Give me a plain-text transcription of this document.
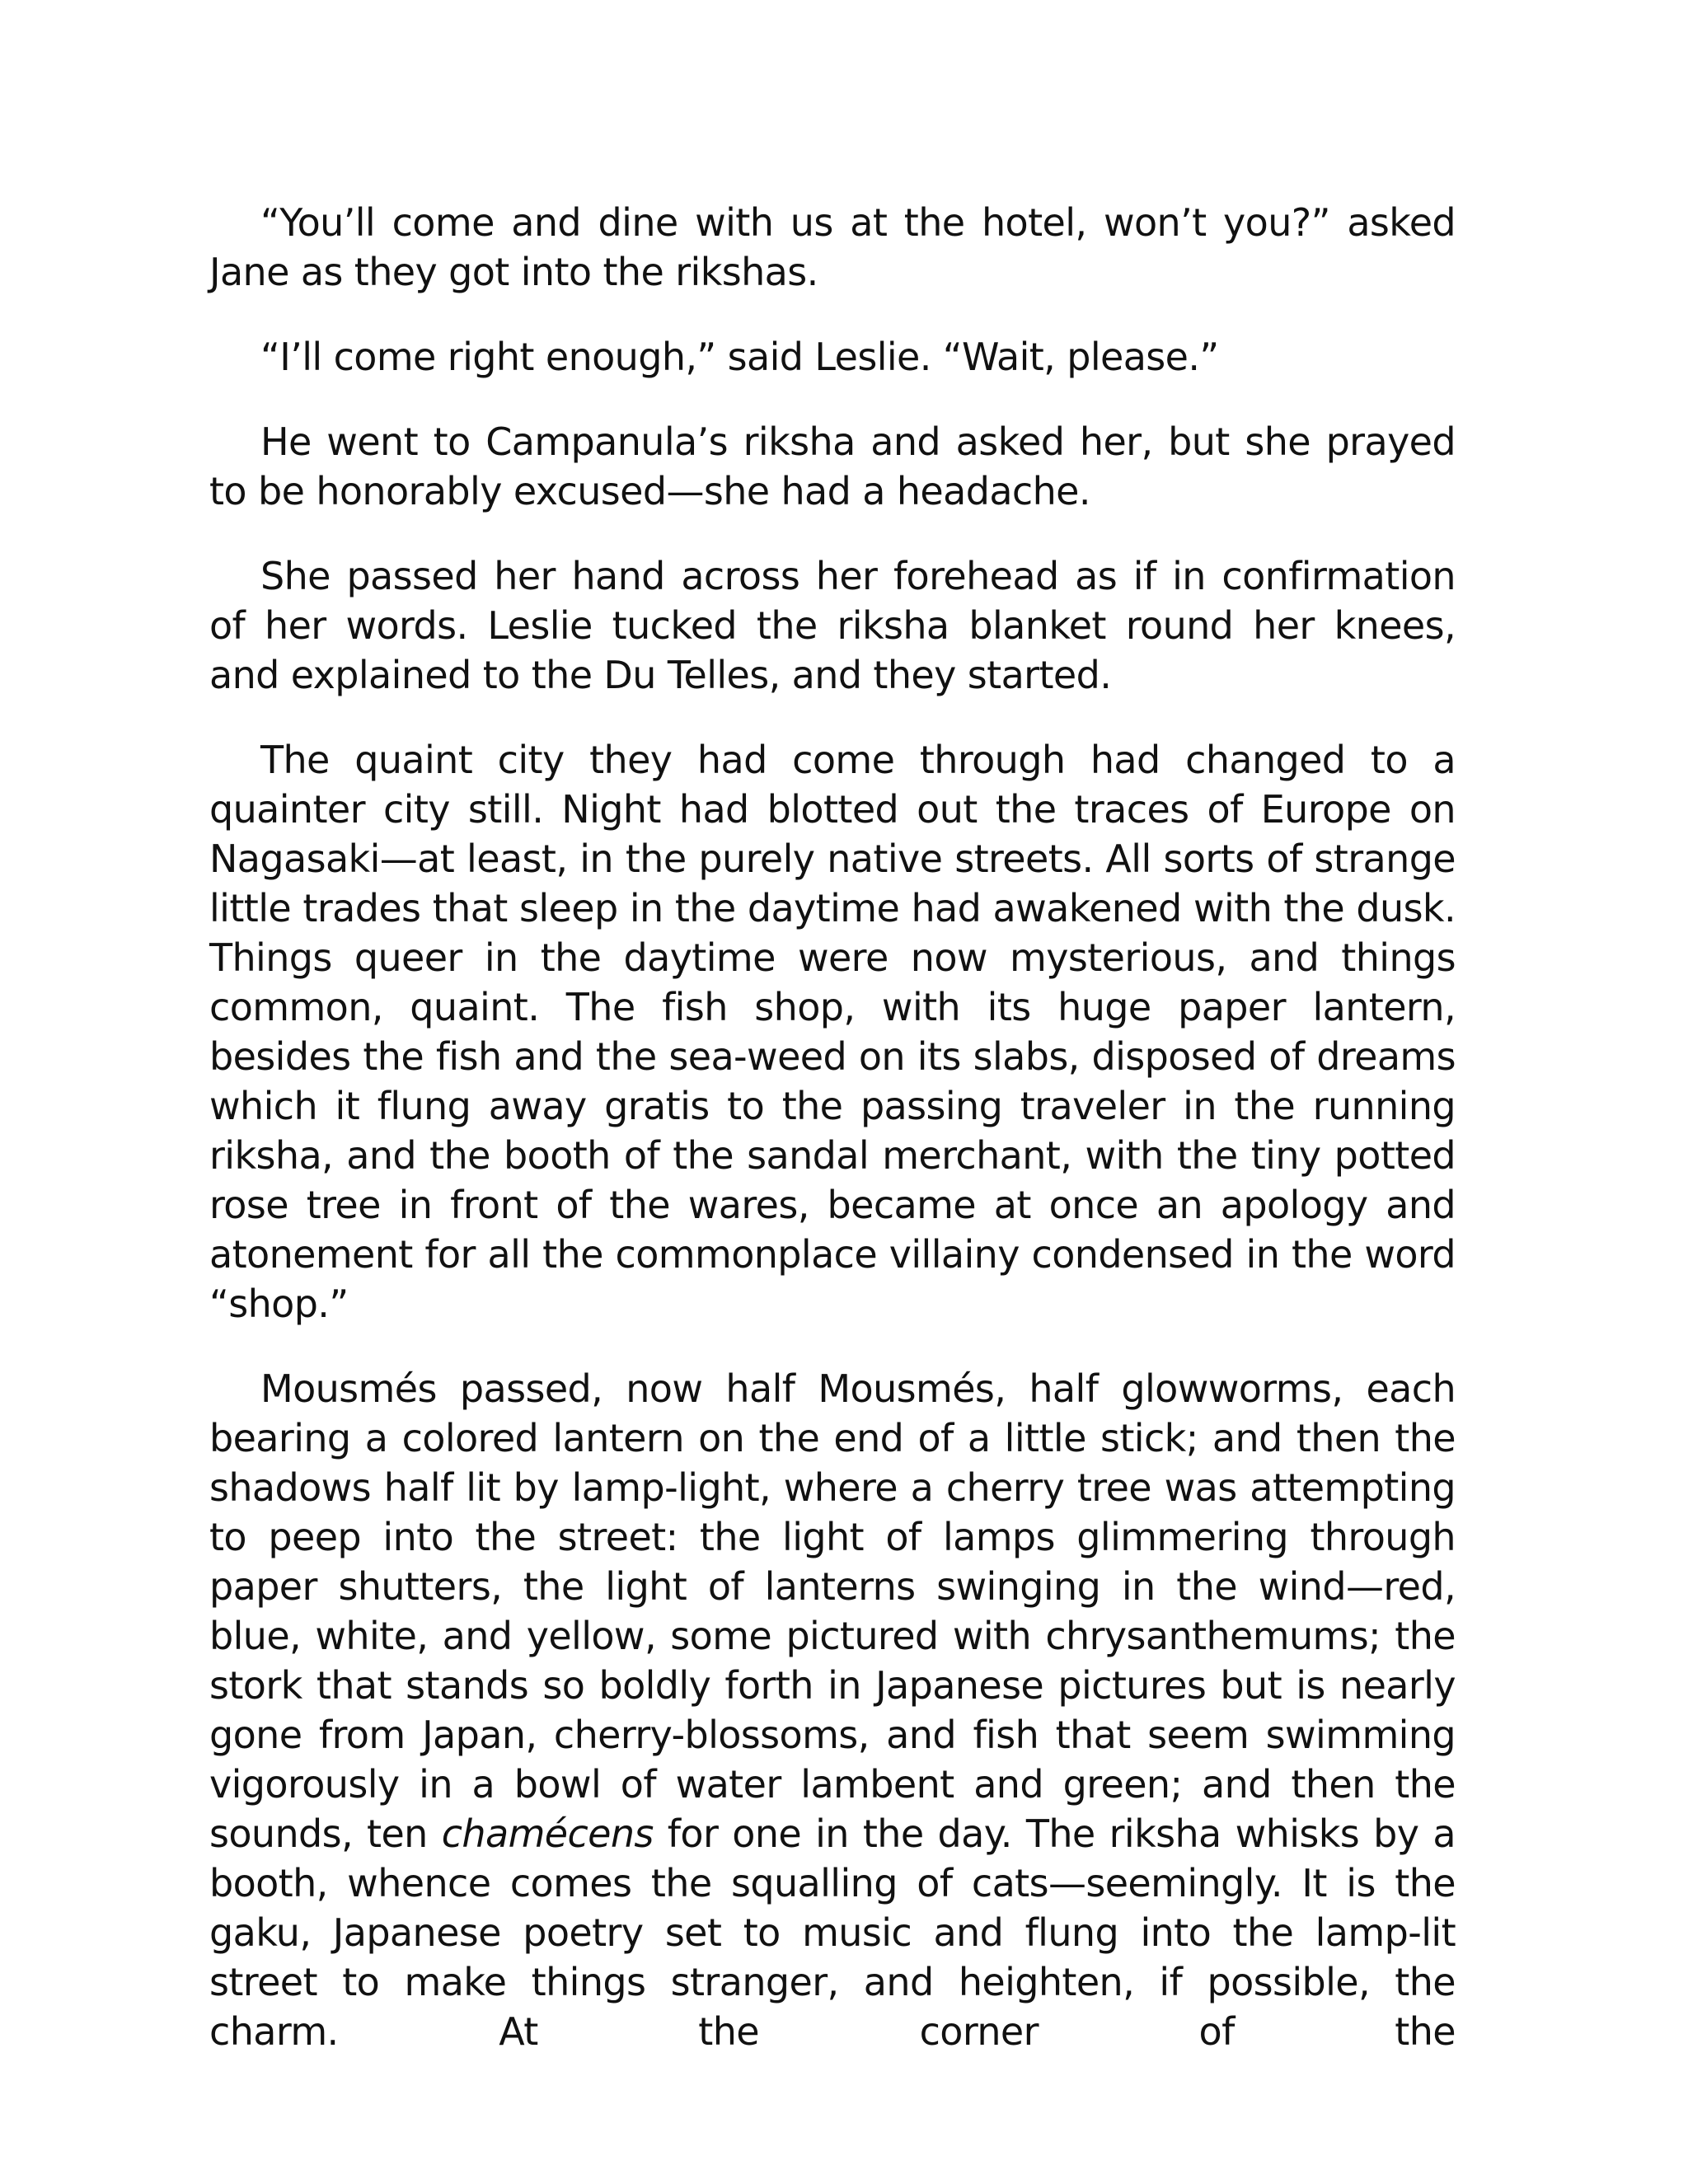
“You’ll come and dine with us at the hotel, won’t you?” asked Jane as they got into the rikshas.

“I’ll come right enough,” said Leslie. “Wait, please.”

He went to Campanula’s riksha and asked her, but she prayed to be honorably excused—she had a headache.

She passed her hand across her forehead as if in confirmation of her words. Leslie tucked the riksha blanket round her knees, and explained to the Du Telles, and they started.

The quaint city they had come through had changed to a quainter city still. Night had blotted out the traces of Europe on Nagasaki—at least, in the purely native streets. All sorts of strange little trades that sleep in the daytime had awakened with the dusk. Things queer in the daytime were now mysterious, and things common, quaint. The fish shop, with its huge paper lantern, besides the fish and the sea-weed on its slabs, disposed of dreams which it flung away gratis to the passing traveler in the running riksha, and the booth of the sandal merchant, with the tiny potted rose tree in front of the wares, became at once an apology and atonement for all the commonplace villainy condensed in the word “shop.”

Mousmés passed, now half Mousmés, half glowworms, each bearing a colored lantern on the end of a little stick; and then the shadows half lit by lamp-light, where a cherry tree was attempting to peep into the street: the light of lamps glimmering through paper shutters, the light of lanterns swinging in the wind—red, blue, white, and yellow, some pictured with chrysanthemums; the stork that stands so boldly forth in Japanese pictures but is nearly gone from Japan, cherry-blossoms, and fish that seem swimming vigorously in a bowl of water lambent and green; and then the sounds, ten chamécens for one in the day. The riksha whisks by a booth, whence comes the squalling of cats—seemingly. It is the gaku, Japanese poetry set to music and flung into the lamp-lit street to make things stranger, and heighten, if possible, the charm. At the corner of the
